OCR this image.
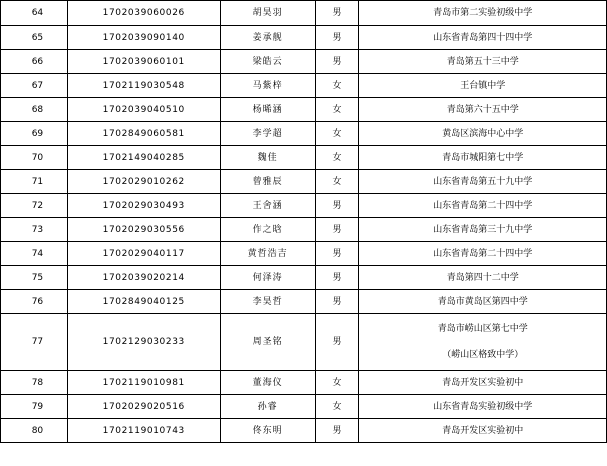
64	1702039060026	胡昊羽	男	青岛市第二实验初级中学

65	1702039090140	姜承舰	男	山东省青岛第四十四中学

66	1702039060101	梁皓云	男	青岛第五十三中学

67	1702119030548	马紫梓	女	王台镇中学

68	1702039040510	杨晞涵	女	青岛第六十五中学

69	1702849060581	李学超	女	黄岛区滨海中心中学

70	1702149040285	魏佳	女	青岛市城阳第七中学

71	1702029010262	曾雅辰	女	山东省青岛第五十九中学

72	1702029030493	王舍涵	男	山东省青岛第二十四中学

73	1702029030556	作之晗	男	山东省青岛第三十九中学

74	1702029040117	黄哲浩吉	男	山东省青岛第二十四中学

75	1702039020214	何泽涛	男	青岛第四十二中学

76	1702849040125	李昊哲	男	青岛市黄岛区第四中学

77	1702129030233	周圣铭	男	青岛市崂山区第七中学
（崂山区格致中学）

78	1702119010981	董海仪	女	青岛开发区实验初中

79	1702029020516	孙睿	女	山东省青岛实验初级中学

80	1702119010743	佟东明	男	青岛开发区实验初中
